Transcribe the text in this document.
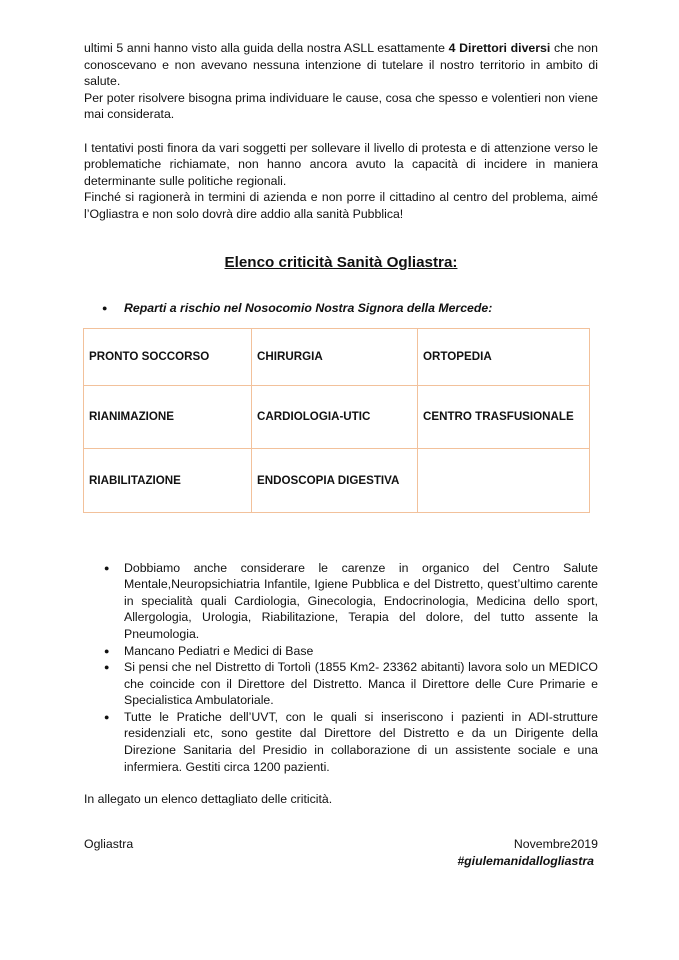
ultimi 5 anni hanno visto alla guida della nostra ASLL esattamente 4 Direttori diversi che non conoscevano e non avevano nessuna intenzione di tutelare il nostro territorio in ambito di salute.

Per poter risolvere bisogna prima individuare le cause, cosa che spesso e volentieri non viene mai considerata.

I tentativi posti finora da vari soggetti per sollevare il livello di protesta e di attenzione verso le problematiche richiamate, non hanno ancora avuto la capacità di incidere in maniera determinante sulle politiche regionali.

Finché si ragionerà in termini di azienda e non porre il cittadino al centro del problema, aimé l’Ogliastra e non solo dovrà dire addio alla sanità Pubblica!

Elenco criticità Sanità Ogliastra:
●	Reparti a rischio nel Nosocomio Nostra Signora della Mercede:
PRONTO SOCCORSO	CHIRURGIA	ORTOPEDIA
RIANIMAZIONE	CARDIOLOGIA-UTIC	CENTRO TRASFUSIONALE
RIABILITAZIONE	ENDOSCOPIA DIGESTIVA	
●	Dobbiamo anche considerare le carenze in organico del Centro Salute Mentale,Neuropsichiatria Infantile, Igiene Pubblica e del Distretto, quest’ultimo carente in specialità quali Cardiologia, Ginecologia, Endocrinologia, Medicina dello sport, Allergologia, Urologia, Riabilitazione, Terapia del dolore, del tutto assente la Pneumologia.
●	Mancano Pediatri e Medici di Base
●	Si pensi che nel Distretto di Tortolì (1855 Km2- 23362 abitanti) lavora solo un MEDICO che coincide con il Direttore del Distretto. Manca il Direttore delle Cure Primarie e Specialistica Ambulatoriale.
●	Tutte le Pratiche dell’UVT, con le quali si inseriscono i pazienti in ADI-strutture residenziali etc, sono gestite dal Direttore del Distretto e da un Dirigente della Direzione Sanitaria del Presidio in collaborazione di un assistente sociale e una infermiera. Gestiti circa 1200 pazienti.

In allegato un elenco dettagliato delle criticità.

Ogliastra	Novembre2019
#giulemanidallogliastra
